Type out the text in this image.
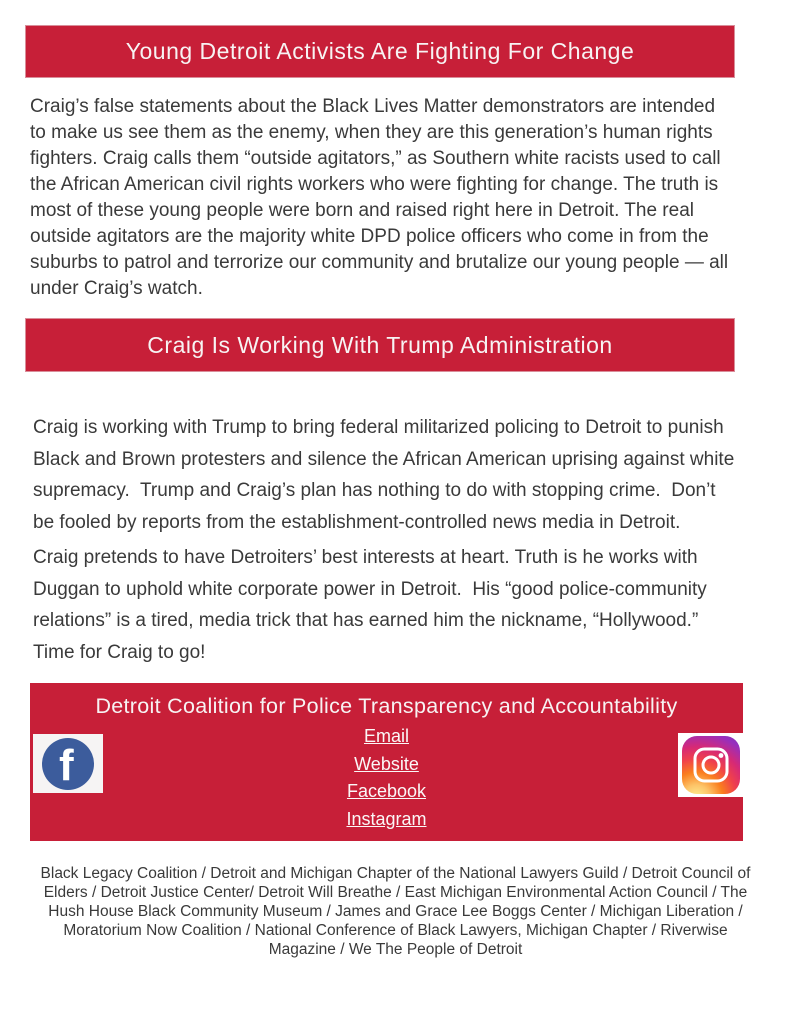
Young Detroit Activists Are Fighting For Change

Craig’s false statements about the Black Lives Matter demonstrators are intended to make us see them as the enemy, when they are this generation’s human rights fighters. Craig calls them “outside agitators,” as Southern white racists used to call the African American civil rights workers who were fighting for change. The truth is most of these young people were born and raised right here in Detroit. The real outside agitators are the majority white DPD police officers who come in from the suburbs to patrol and terrorize our community and brutalize our young people — all under Craig’s watch.

Craig Is Working With Trump Administration

Craig is working with Trump to bring federal militarized policing to Detroit to punish Black and Brown protesters and silence the African American uprising against white supremacy.  Trump and Craig’s plan has nothing to do with stopping crime.  Don’t be fooled by reports from the establishment-controlled news media in Detroit.

Craig pretends to have Detroiters’ best interests at heart. Truth is he works with Duggan to uphold white corporate power in Detroit.  His “good police-community relations” is a tired, media trick that has earned him the nickname, “Hollywood.”  Time for Craig to go!

Detroit Coalition for Police Transparency and Accountability
Email
Website
Facebook
Instagram
f

Black Legacy Coalition / Detroit and Michigan Chapter of the National Lawyers Guild / Detroit Council of Elders / Detroit Justice Center/ Detroit Will Breathe / East Michigan Environmental Action Council / The Hush House Black Community Museum / James and Grace Lee Boggs Center / Michigan Liberation / Moratorium Now Coalition / National Conference of Black Lawyers, Michigan Chapter / Riverwise Magazine / We The People of Detroit
